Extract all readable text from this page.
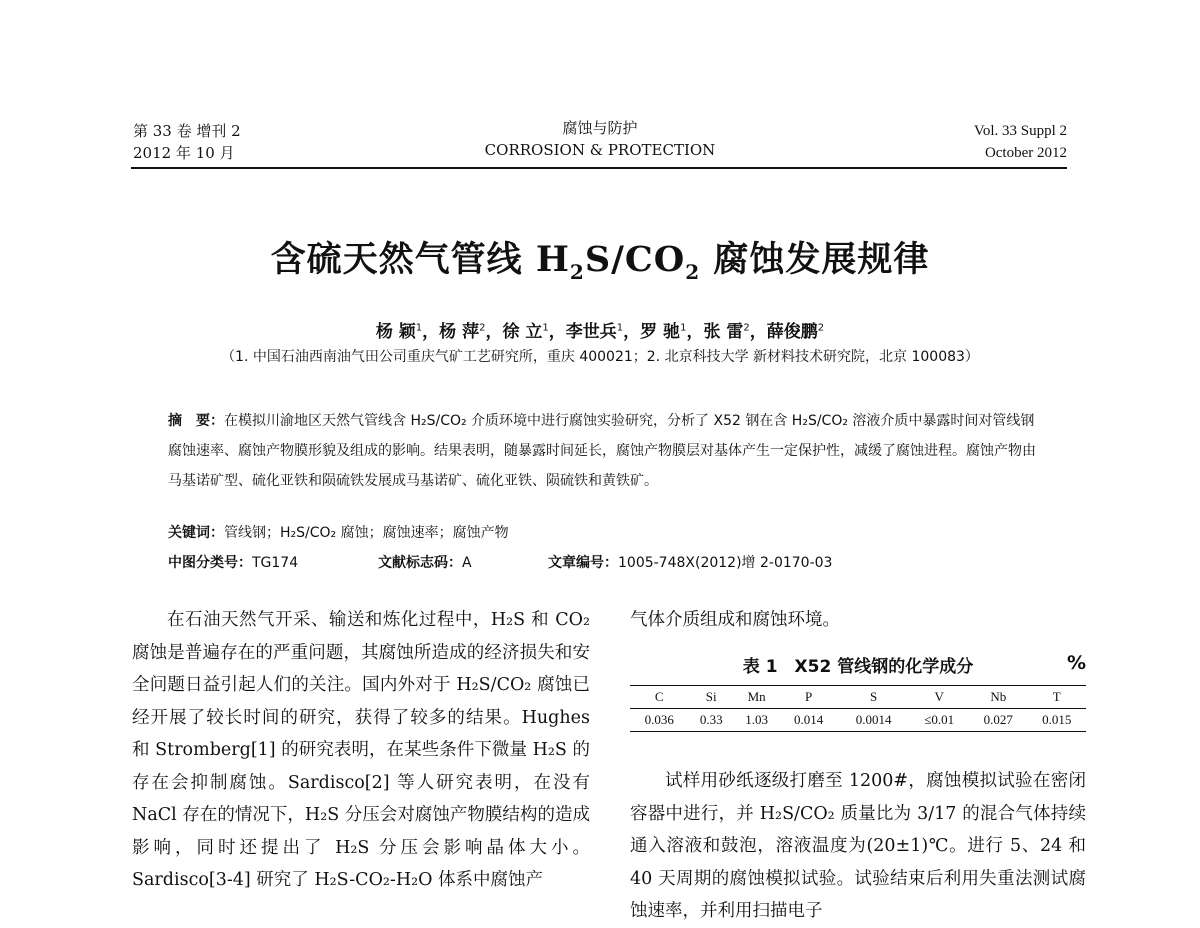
第 33 卷 增刊 2
2012 年 10 月
腐蚀与防护
CORROSION & PROTECTION
Vol. 33 Suppl 2
October 2012
含硫天然气管线 $H_2S/CO_2$ 腐蚀发展规律
杨 颖$^1$，杨 萍$^2$，徐 立$^1$，李世兵$^1$，罗 驰$^1$，张 雷$^2$，薛俊鹏$^2$
（1. 中国石油西南油气田公司重庆气矿工艺研究所，重庆 400021；2. 北京科技大学 新材料技术研究院，北京 100083）
摘　要：在模拟川渝地区天然气管线含 H₂S/CO₂ 介质环境中进行腐蚀实验研究，分析了 X52 钢在含 H₂S/CO₂ 溶液介质中暴露时间对管线钢腐蚀速率、腐蚀产物膜形貌及组成的影响。结果表明，随暴露时间延长，腐蚀产物膜层对基体产生一定保护性，减缓了腐蚀进程。腐蚀产物由马基诺矿型、硫化亚铁和陨硫铁发展成马基诺矿、硫化亚铁、陨硫铁和黄铁矿。
关键词：管线钢；H₂S/CO₂ 腐蚀；腐蚀速率；腐蚀产物
中图分类号：TG174	文献标志码：A	文章编号：1005-748X(2012)增 2-0170-03

在石油天然气开采、输送和炼化过程中，H₂S 和 CO₂ 腐蚀是普遍存在的严重问题，其腐蚀所造成的经济损失和安全问题日益引起人们的关注。国内外对于 H₂S/CO₂ 腐蚀已经开展了较长时间的研究，获得了较多的结果。Hughes 和 Stromberg[1] 的研究表明，在某些条件下微量 H₂S 的存在会抑制腐蚀。Sardisco[2] 等人研究表明，在没有 NaCl 存在的情况下，H₂S 分压会对腐蚀产物膜结构的造成影响，同时还提出了 H₂S 分压会影响晶体大小。Sardisco[3-4] 研究了 H₂S-CO₂-H₂O 体系中腐蚀产

气体介质组成和腐蚀环境。

表 1　X52 管线钢的化学成分	%
C	Si	Mn	P	S	V	Nb	T
0.036	0.33	1.03	0.014	0.0014	≤0.01	0.027	0.015

试样用砂纸逐级打磨至 1200#，腐蚀模拟试验在密闭容器中进行，并 H₂S/CO₂ 质量比为 3/17 的混合气体持续通入溶液和鼓泡，溶液温度为(20±1)℃。进行 5、24 和 40 天周期的腐蚀模拟试验。试验结束后利用失重法测试腐蚀速率，并利用扫描电子
